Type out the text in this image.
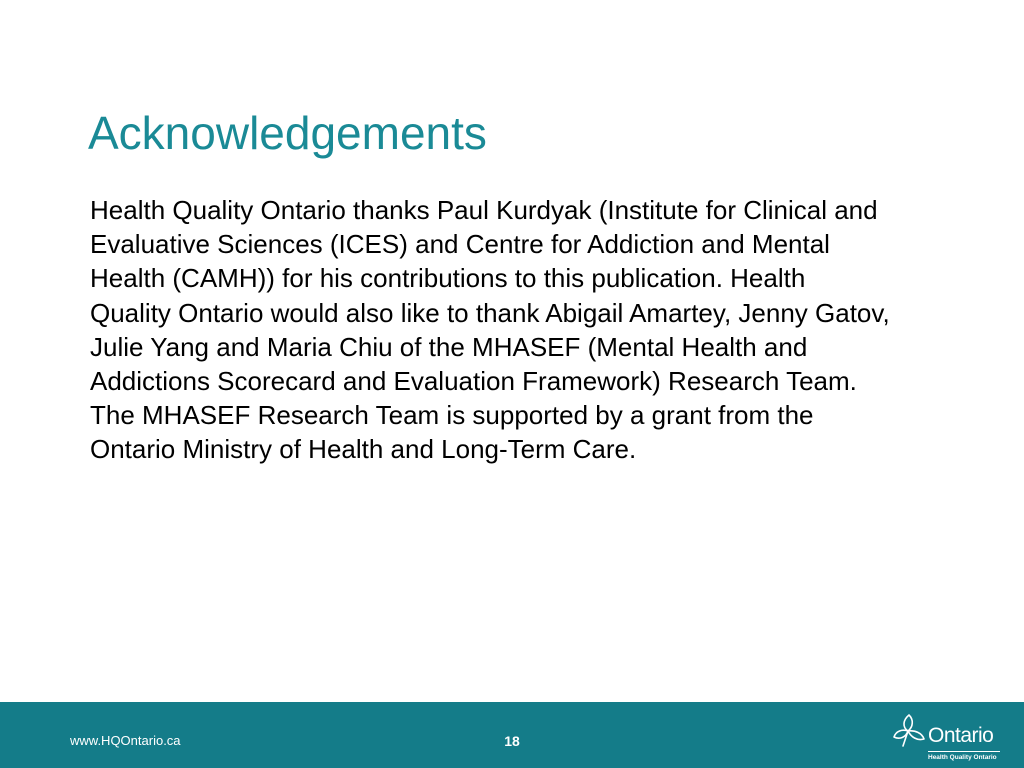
Acknowledgements
Health Quality Ontario thanks Paul Kurdyak (Institute for Clinical and
Evaluative Sciences (ICES) and Centre for Addiction and Mental
Health (CAMH)) for his contributions to this publication. Health
Quality Ontario would also like to thank Abigail Amartey, Jenny Gatov,
Julie Yang and Maria Chiu of the MHASEF (Mental Health and
Addictions Scorecard and Evaluation Framework) Research Team.
The MHASEF Research Team is supported by a grant from the
Ontario Ministry of Health and Long-Term Care.
www.HQOntario.ca	18	Ontario
Health Quality Ontario
